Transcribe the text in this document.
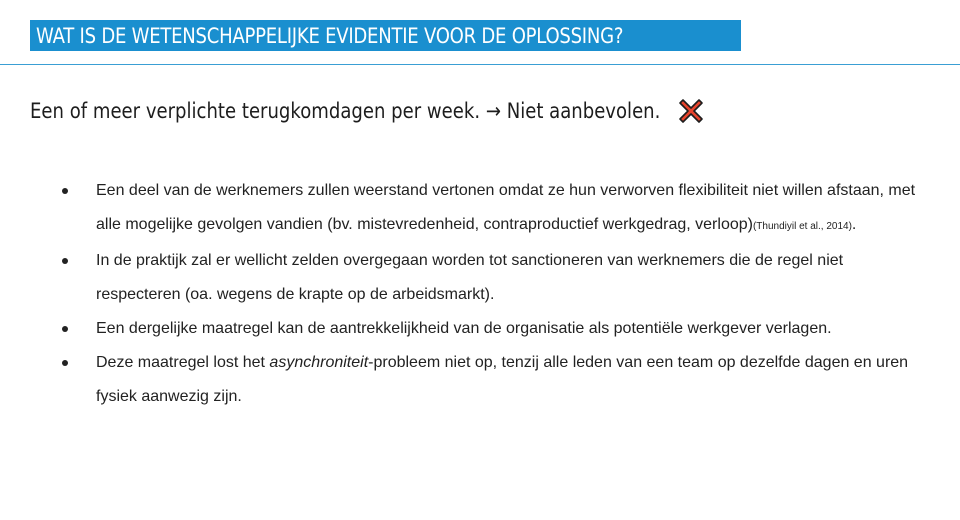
WAT IS DE WETENSCHAPPELIJKE EVIDENTIE VOOR DE OPLOSSING?
Een of meer verplichte terugkomdagen per week. → Niet aanbevolen.
Een deel van de werknemers zullen weerstand vertonen omdat ze hun verworven flexibiliteit niet willen afstaan, met alle mogelijke gevolgen vandien (bv. mistevredenheid, contraproductief werkgedrag, verloop)(Thundiyil et al., 2014).
In de praktijk zal er wellicht zelden overgegaan worden tot sanctioneren van werknemers die de regel niet respecteren (oa. wegens de krapte op de arbeidsmarkt).
Een dergelijke maatregel kan de aantrekkelijkheid van de organisatie als potentiële werkgever verlagen.
Deze maatregel lost het asynchroniteit-probleem niet op, tenzij alle leden van een team op dezelfde dagen en uren fysiek aanwezig zijn.
